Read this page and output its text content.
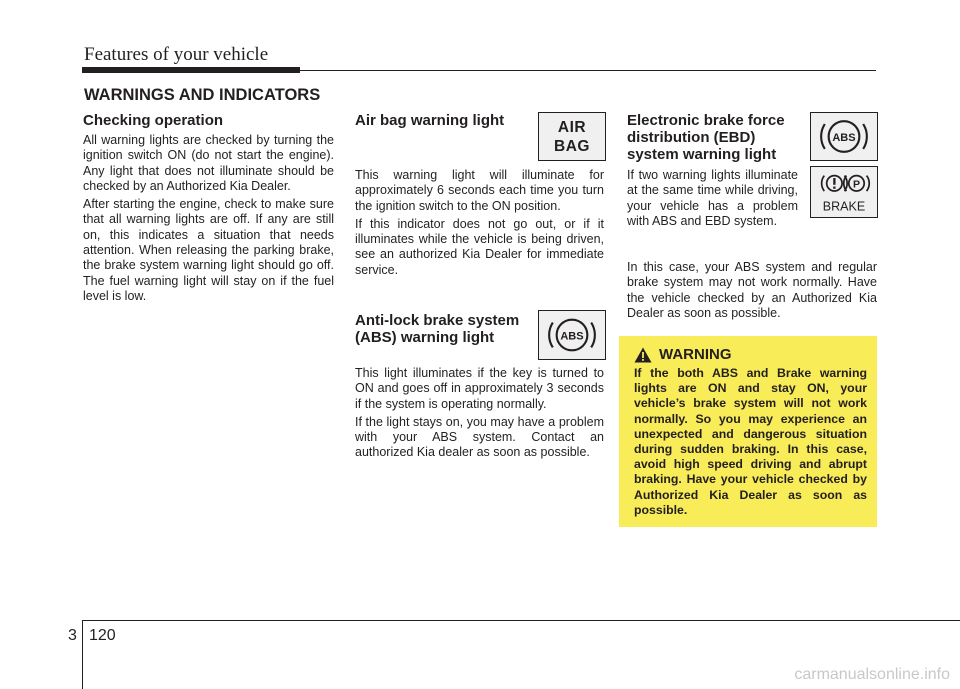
Features of your vehicle
WARNINGS AND INDICATORS
Checking operation

All warning lights are checked by turning the ignition switch ON (do not start the engine). Any light that does not illuminate should be checked by an Authorized Kia Dealer.

After starting the engine, check to make sure that all warning lights are off. If any are still on, this indicates a situation that needs attention. When releasing the parking brake, the brake system warning light should go off. The fuel warning light will stay on if the fuel level is low.

Air bag warning light	AIR
BAG

This warning light will illuminate for approximately 6 seconds each time you turn the ignition switch to the ON position.

If this indicator does not go out, or if it illuminates while the vehicle is being driven, see an authorized Kia Dealer for immediate service.

Anti-lock brake system (ABS) warning light	ABS

This light illuminates if the key is turned to ON and goes off in approximately 3 seconds if the system is operating normally.

If the light stays on, you may have a problem with your ABS system. Contact an authorized Kia dealer as soon as possible.

Electronic brake force distribution (EBD) system warning light
ABS
P
BRAKE
If two warning lights illuminate at the same time while driving, your vehicle has a problem with ABS and EBD system.
In this case, your ABS system and regular brake system may not work normally. Have the vehicle checked by an Authorized Kia Dealer as soon as possible.
WARNING

If the both ABS and Brake warning lights are ON and stay ON, your vehicle’s brake system will not work normally. So you may experience an unexpected and dangerous situation during sudden braking. In this case, avoid high speed driving and abrupt braking. Have your vehicle checked by Authorized Kia Dealer as soon as possible.

3 120
carmanualsonline.info
